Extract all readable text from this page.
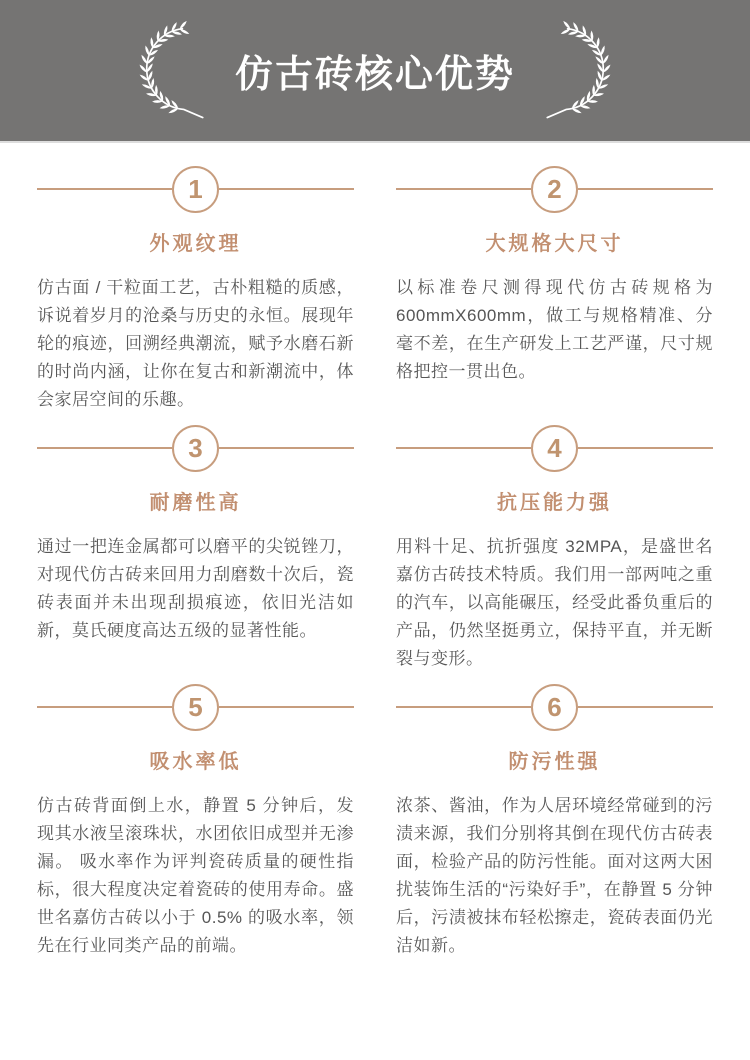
仿古砖核心优势
1
外观纹理

仿古面 / 干粒面工艺，古朴粗糙的质感，诉说着岁月的沧桑与历史的永恒。展现年轮的痕迹，回溯经典潮流，赋予水磨石新的时尚内涵，让你在复古和新潮流中，体会家居空间的乐趣。

2
大规格大尺寸

以标准卷尺测得现代仿古砖规格为600mmX600mm，做工与规格精准、分毫不差，在生产研发上工艺严谨，尺寸规格把控一贯出色。

3
耐磨性高

通过一把连金属都可以磨平的尖锐锉刀，对现代仿古砖来回用力刮磨数十次后，瓷砖表面并未出现刮损痕迹，依旧光洁如新，莫氏硬度高达五级的显著性能。

4
抗压能力强

用料十足、抗折强度 32MPA，是盛世名嘉仿古砖技术特质。我们用一部两吨之重的汽车，以高能碾压，经受此番负重后的产品，仍然坚挺勇立，保持平直，并无断裂与变形。

5
吸水率低

仿古砖背面倒上水，静置 5 分钟后，发现其水液呈滚珠状，水团依旧成型并无渗漏。 吸水率作为评判瓷砖质量的硬性指标，很大程度决定着瓷砖的使用寿命。盛世名嘉仿古砖以小于 0.5% 的吸水率，领先在行业同类产品的前端。

6
防污性强

浓茶、酱油，作为人居环境经常碰到的污渍来源，我们分别将其倒在现代仿古砖表面，检验产品的防污性能。面对这两大困扰装饰生活的“污染好手”，在静置 5 分钟后，污渍被抹布轻松擦走，瓷砖表面仍光洁如新。
